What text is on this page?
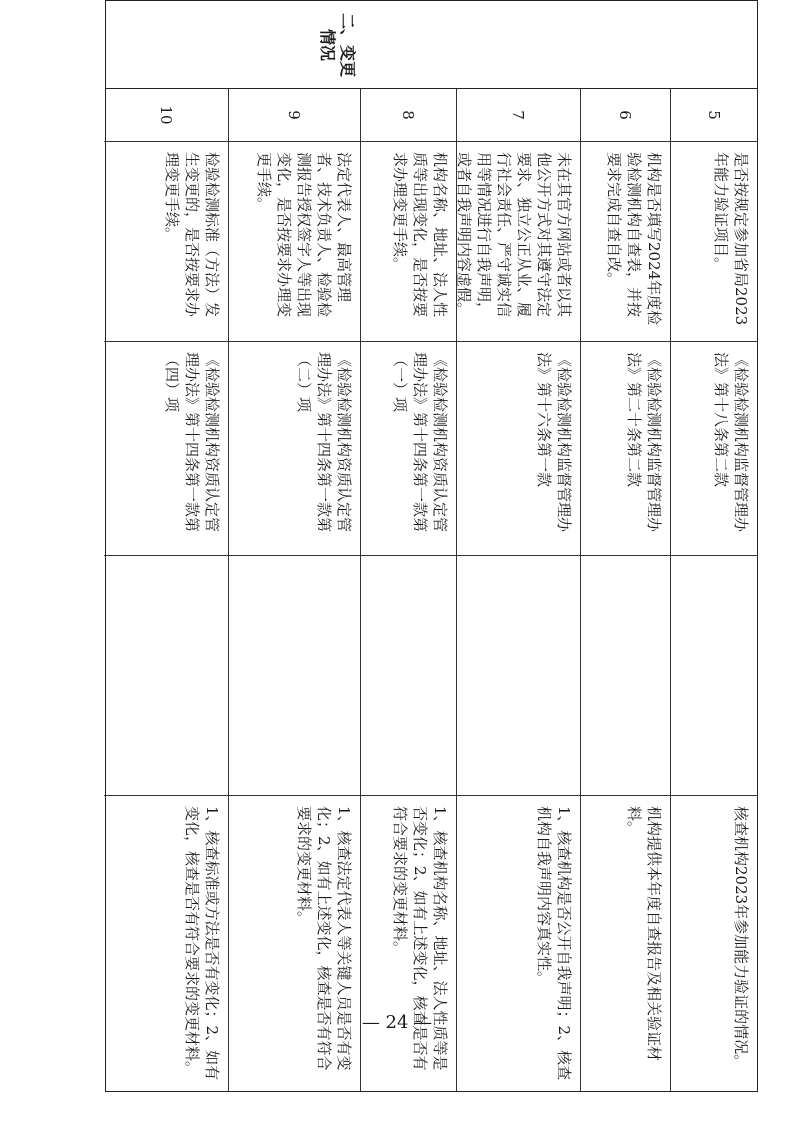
5
是否按规定参加省局2023年能力验证项目。
《检验检测机构监督管理办法》第十八条第二款
核查机构2023年参加能力验证的情况。
6
机构是否填写2024年度检验检测机构自查表，并按要求完成自查自改。
《检验检测机构监督管理办法》第二十条第二款
机构提供本年度自查报告及相关验证材料。
7
未在其官方网站或者以其他公开方式对其遵守法定要求、独立公正从业、履行社会责任、严守诚实信用等情况进行自我声明，或者自我声明内容虚假。
《检验检测机构监督管理办法》第十六条第一款
1、核查机构是否公开自我声明；2、核查机构自我声明内容真实性。
8
机构名称、地址、法人性质等出现变化，是否按要求办理变更手续。
《检验检测机构资质认定管理办法》第十四条第一款第（一）项
1、核查机构名称、地址、法人性质等是否变化；2、如有上述变化，核查是否有符合要求的变更材料。
9
法定代表人、最高管理者、技术负责人、检验检测报告授权签字人等出现变化，是否按要求办理变更手续。
《检验检测机构资质认定管理办法》第十四条第一款第（二）项
1、核查法定代表人等关键人员是否有变化；2、如有上述变化，核查是否有符合要求的变更材料。
10
检验检测标准（方法）发生变更的，是否按要求办理变更手续。
《检验检测机构资质认定管理办法》第十四条第一款第（四）项
1、核查标准或方法是否有变化；2、如有变化，核查是否有符合要求的变更材料。
二、变更情况
— 24 —
